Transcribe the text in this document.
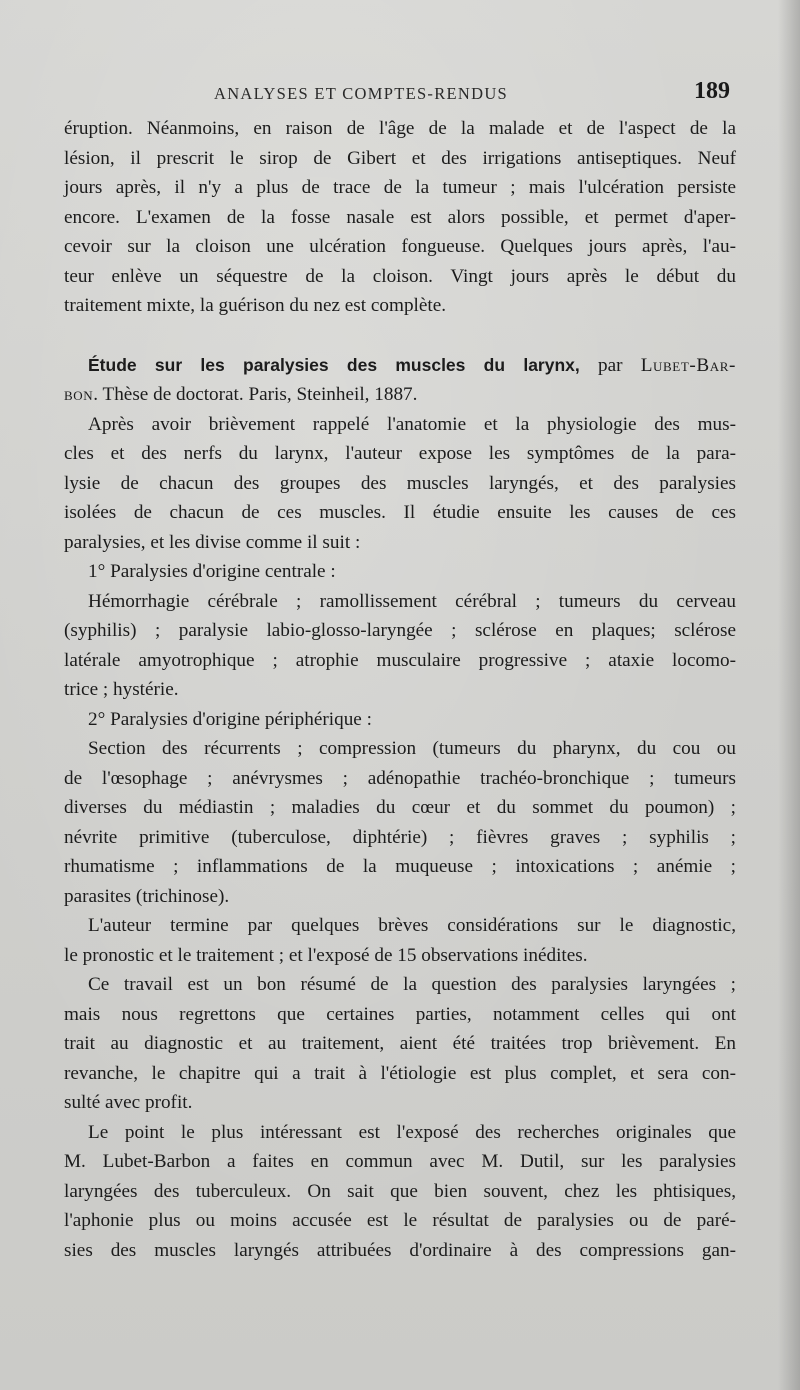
ANALYSES ET COMPTES-RENDUS	189
éruption. Néanmoins, en raison de l'âge de la malade et de l'aspect de la
lésion, il prescrit le sirop de Gibert et des irrigations antiseptiques. Neuf
jours après, il n'y a plus de trace de la tumeur ; mais l'ulcération persiste
encore. L'examen de la fosse nasale est alors possible, et permet d'aper-
cevoir sur la cloison une ulcération fongueuse. Quelques jours après, l'au-
teur enlève un séquestre de la cloison. Vingt jours après le début du
traitement mixte, la guérison du nez est complète.
Étude sur les paralysies des muscles du larynx, par Lubet-Bar-
bon. Thèse de doctorat. Paris, Steinheil, 1887.
Après avoir brièvement rappelé l'anatomie et la physiologie des mus-
cles et des nerfs du larynx, l'auteur expose les symptômes de la para-
lysie de chacun des groupes des muscles laryngés, et des paralysies
isolées de chacun de ces muscles. Il étudie ensuite les causes de ces
paralysies, et les divise comme il suit :
1° Paralysies d'origine centrale :
Hémorrhagie cérébrale ; ramollissement cérébral ; tumeurs du cerveau
(syphilis) ; paralysie labio-glosso-laryngée ; sclérose en plaques; sclérose
latérale amyotrophique ; atrophie musculaire progressive ; ataxie locomo-
trice ; hystérie.
2° Paralysies d'origine périphérique :
Section des récurrents ; compression (tumeurs du pharynx, du cou ou
de l'œsophage ; anévrysmes ; adénopathie trachéo-bronchique ; tumeurs
diverses du médiastin ; maladies du cœur et du sommet du poumon) ;
névrite primitive (tuberculose, diphtérie) ; fièvres graves ; syphilis ;
rhumatisme ; inflammations de la muqueuse ; intoxications ; anémie ;
parasites (trichinose).
L'auteur termine par quelques brèves considérations sur le diagnostic,
le pronostic et le traitement ; et l'exposé de 15 observations inédites.
Ce travail est un bon résumé de la question des paralysies laryngées ;
mais nous regrettons que certaines parties, notamment celles qui ont
trait au diagnostic et au traitement, aient été traitées trop brièvement. En
revanche, le chapitre qui a trait à l'étiologie est plus complet, et sera con-
sulté avec profit.
Le point le plus intéressant est l'exposé des recherches originales que
M. Lubet-Barbon a faites en commun avec M. Dutil, sur les paralysies
laryngées des tuberculeux. On sait que bien souvent, chez les phtisiques,
l'aphonie plus ou moins accusée est le résultat de paralysies ou de paré-
sies des muscles laryngés attribuées d'ordinaire à des compressions gan-
